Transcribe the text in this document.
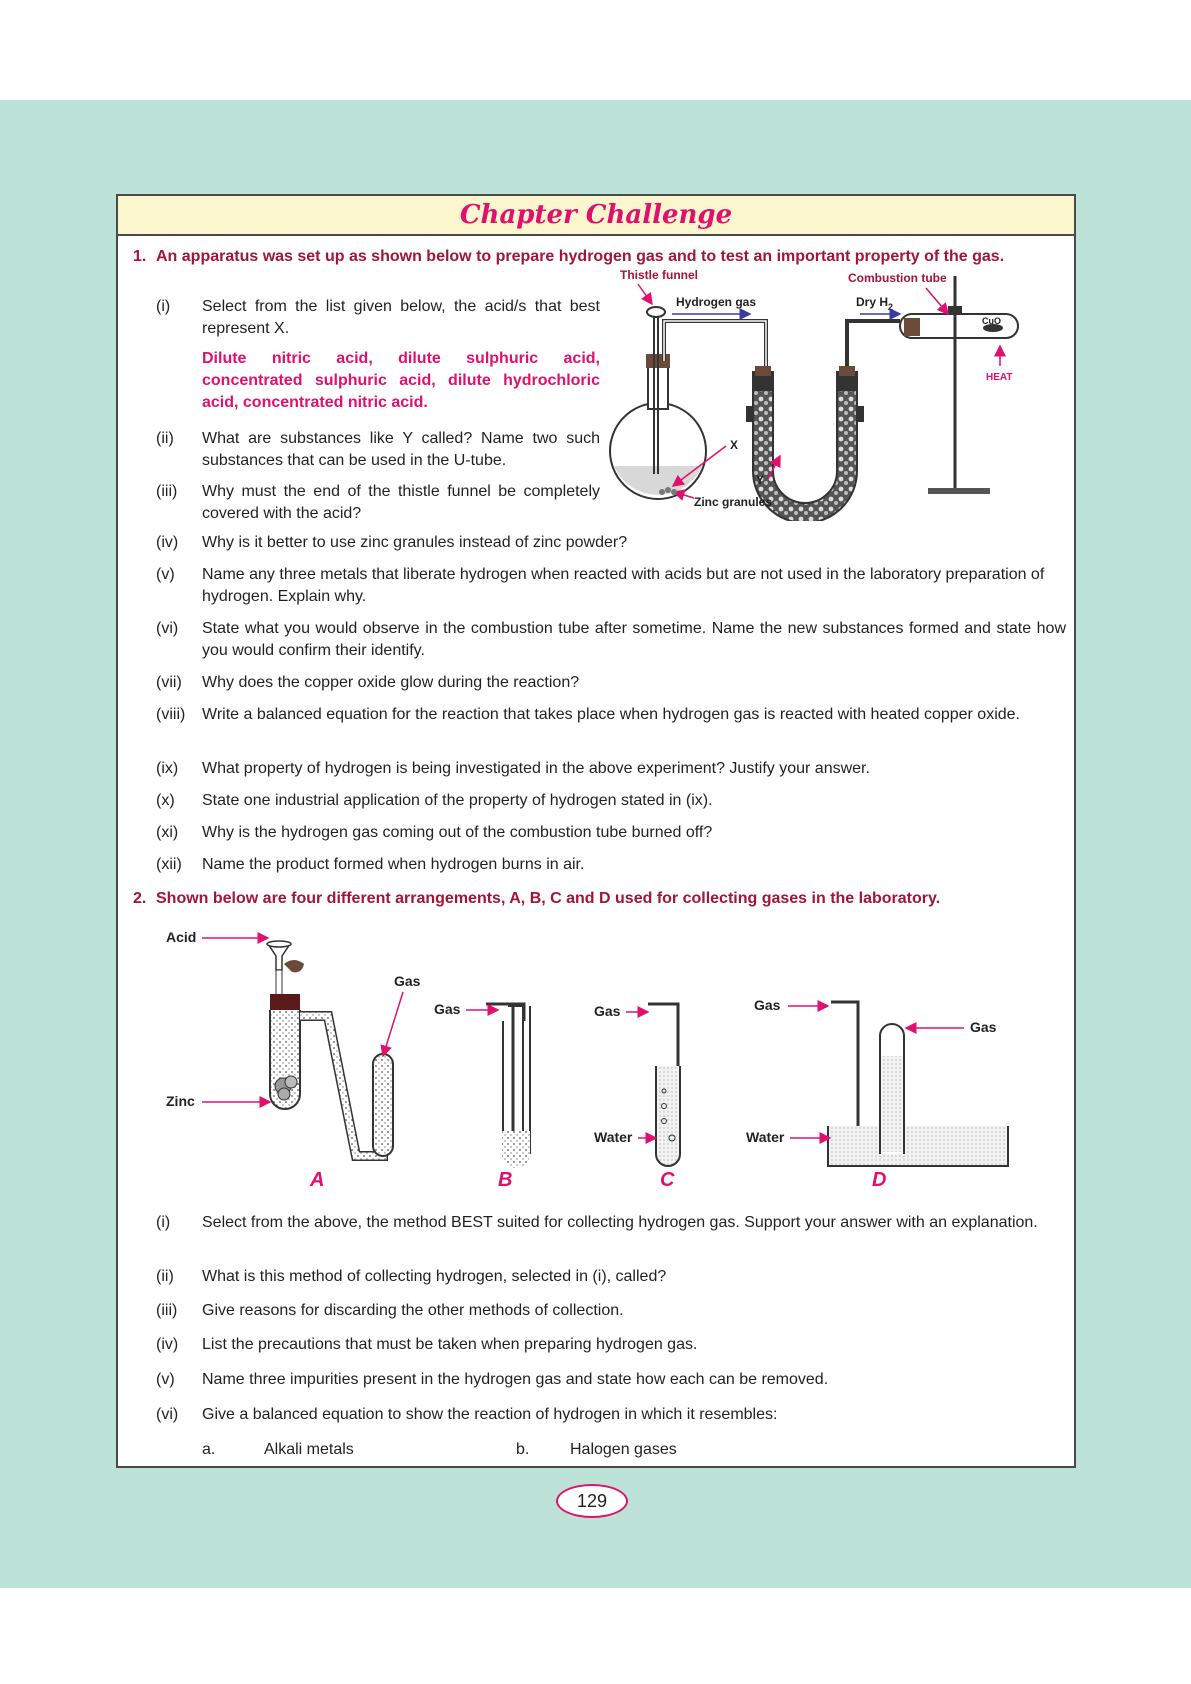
Chapter Challenge
1. An apparatus was set up as shown below to prepare hydrogen gas and to test an important property of the gas.
(i)	Select from the list given below, the acid/s that best represent X.
Dilute nitric acid, dilute sulphuric acid, concentrated sulphuric acid, dilute hydrochloric acid, concentrated nitric acid.
(ii)	What are substances like Y called? Name two such substances that can be used in the U-tube.
(iii)	Why must the end of the thistle funnel be completely covered with the acid?
(iv)	Why is it better to use zinc granules instead of zinc powder?
(v)	Name any three metals that liberate hydrogen when reacted with acids but are not used in the laboratory preparation of hydrogen. Explain why.
(vi)	State what you would observe in the combustion tube after sometime. Name the new substances formed and state how you would confirm their identify.
(vii)	Why does the copper oxide glow during the reaction?
(viii)	Write a balanced equation for the reaction that takes place when hydrogen gas is reacted with heated copper oxide.
(ix)	What property of hydrogen is being investigated in the above experiment? Justify your answer.
(x)	State one industrial application of the property of hydrogen stated in (ix).
(xi)	Why is the hydrogen gas coming out of the combustion tube burned off?
(xii)	Name the product formed when hydrogen burns in air.
Thistle funnel
Hydrogen gas	Dry $H_2$
Combustion tube
CuO
HEAT
X
Y
Zinc granules
2. Shown below are four different arrangements, A, B, C and D used for collecting gases in the laboratory.
Acid
Zinc
Gas
Gas	Gas
Water
Gas
Gas
Water
A	B	C	D
(i)	Select from the above, the method BEST suited for collecting hydrogen gas. Support your answer with an explanation.
(ii)	What is this method of collecting hydrogen, selected in (i), called?
(iii)	Give reasons for discarding the other methods of collection.
(iv)	List the precautions that must be taken when preparing hydrogen gas.
(v)	Name three impurities present in the hydrogen gas and state how each can be removed.
(vi)	Give a balanced equation to show the reaction of hydrogen in which it resembles:
a.	Alkali metals	b.	Halogen gases
129
